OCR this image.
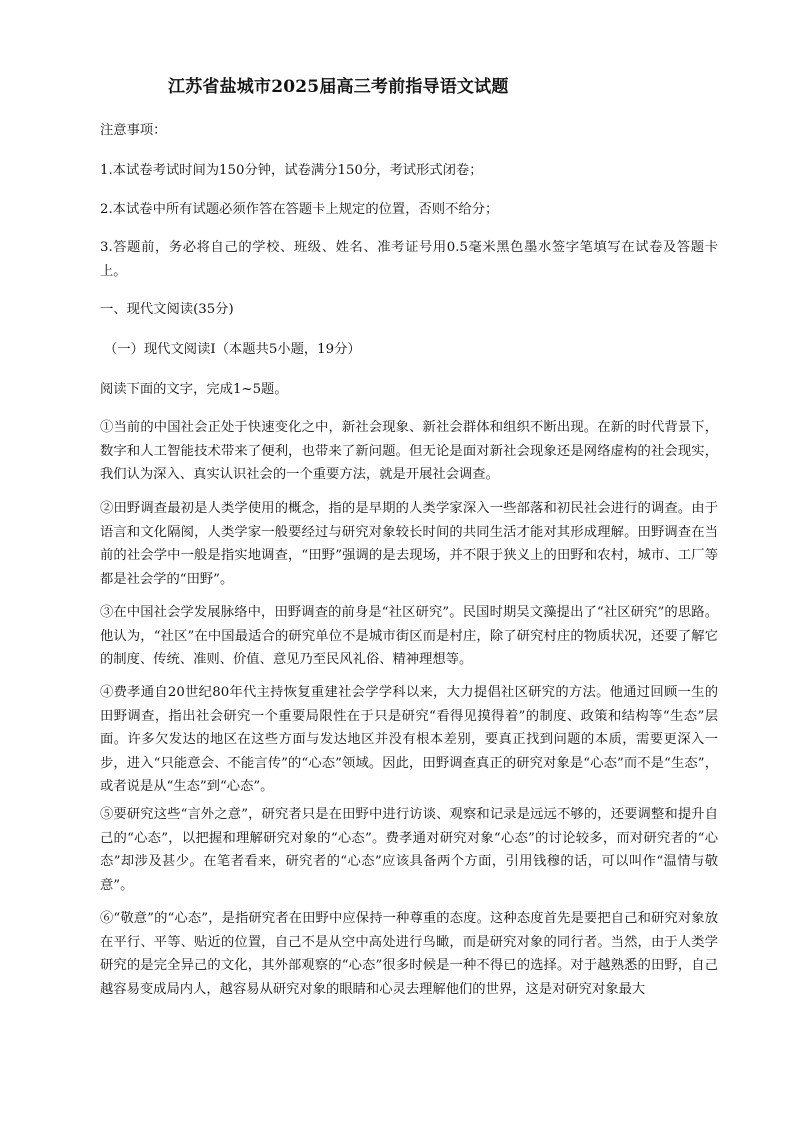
江苏省盐城市2025届高三考前指导语文试题
注意事项：
1.本试卷考试时间为150分钟，试卷满分150分，考试形式闭卷；
2.本试卷中所有试题必须作答在答题卡上规定的位置，否则不给分；

3.答题前，务必将自己的学校、班级、姓名、准考证号用0.5毫米黑色墨水签字笔填写在试卷及答题卡上。

一、现代文阅读(35分)
（一）现代文阅读Ⅰ（本题共5小题，19分）
阅读下面的文字，完成1~5题。

①当前的中国社会正处于快速变化之中，新社会现象、新社会群体和组织不断出现。在新的时代背景下，数字和人工智能技术带来了便利，也带来了新问题。但无论是面对新社会现象还是网络虚构的社会现实，我们认为深入、真实认识社会的一个重要方法，就是开展社会调查。

②田野调查最初是人类学使用的概念，指的是早期的人类学家深入一些部落和初民社会进行的调查。由于语言和文化隔阂，人类学家一般要经过与研究对象较长时间的共同生活才能对其形成理解。田野调查在当前的社会学中一般是指实地调查，“田野”强调的是去现场，并不限于狭义上的田野和农村，城市、工厂等都是社会学的“田野”。

③在中国社会学发展脉络中，田野调查的前身是“社区研究”。民国时期吴文藻提出了“社区研究”的思路。他认为，“社区”在中国最适合的研究单位不是城市街区而是村庄，除了研究村庄的物质状况，还要了解它的制度、传统、准则、价值、意见乃至民风礼俗、精神理想等。

④费孝通自20世纪80年代主持恢复重建社会学学科以来，大力提倡社区研究的方法。他通过回顾一生的田野调查，指出社会研究一个重要局限性在于只是研究“看得见摸得着”的制度、政策和结构等“生态”层面。许多欠发达的地区在这些方面与发达地区并没有根本差别，要真正找到问题的本质，需要更深入一步，进入“只能意会、不能言传”的“心态”领域。因此，田野调查真正的研究对象是“心态”而不是“生态”，或者说是从“生态”到“心态”。

⑤要研究这些“言外之意”，研究者只是在田野中进行访谈、观察和记录是远远不够的，还要调整和提升自己的“心态”，以把握和理解研究对象的“心态”。费孝通对研究对象“心态”的讨论较多，而对研究者的“心态”却涉及甚少。在笔者看来，研究者的“心态”应该具备两个方面，引用钱穆的话，可以叫作“温情与敬意”。

⑥“敬意”的“心态”，是指研究者在田野中应保持一种尊重的态度。这种态度首先是要把自己和研究对象放在平行、平等、贴近的位置，自己不是从空中高处进行鸟瞰，而是研究对象的同行者。当然，由于人类学研究的是完全异己的文化，其外部观察的“心态”很多时候是一种不得已的选择。对于越熟悉的田野，自己越容易变成局内人，越容易从研究对象的眼睛和心灵去理解他们的世界，这是对研究对象最大
